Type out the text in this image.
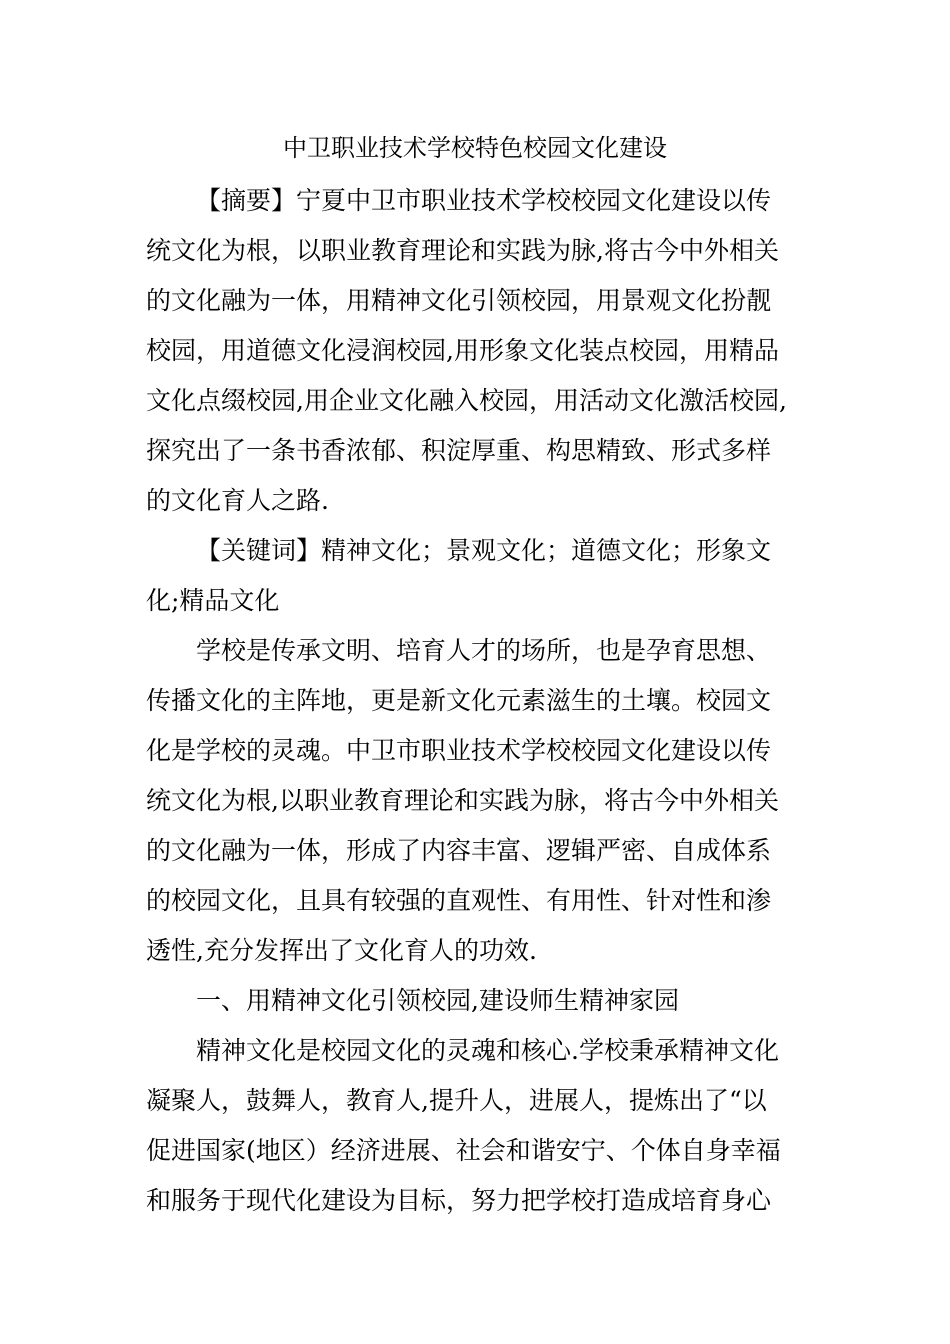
中卫职业技术学校特色校园文化建设
【摘要】宁夏中卫市职业技术学校校园文化建设以传
统文化为根，以职业教育理论和实践为脉,将古今中外相关
的文化融为一体，用精神文化引领校园，用景观文化扮靓
校园，用道德文化浸润校园,用形象文化装点校园，用精品
文化点缀校园,用企业文化融入校园，用活动文化激活校园,
探究出了一条书香浓郁、积淀厚重、构思精致、形式多样
的文化育人之路.
【关键词】精神文化；景观文化；道德文化；形象文
化;精品文化
学校是传承文明、培育人才的场所，也是孕育思想、
传播文化的主阵地，更是新文化元素滋生的土壤。校园文
化是学校的灵魂。中卫市职业技术学校校园文化建设以传
统文化为根,以职业教育理论和实践为脉，将古今中外相关
的文化融为一体，形成了内容丰富、逻辑严密、自成体系
的校园文化，且具有较强的直观性、有用性、针对性和渗
透性,充分发挥出了文化育人的功效.
一、用精神文化引领校园,建设师生精神家园
精神文化是校园文化的灵魂和核心.学校秉承精神文化
凝聚人，鼓舞人，教育人,提升人，进展人，提炼出了“以
促进国家(地区）经济进展、社会和谐安宁、个体自身幸福
和服务于现代化建设为目标，努力把学校打造成培育身心
